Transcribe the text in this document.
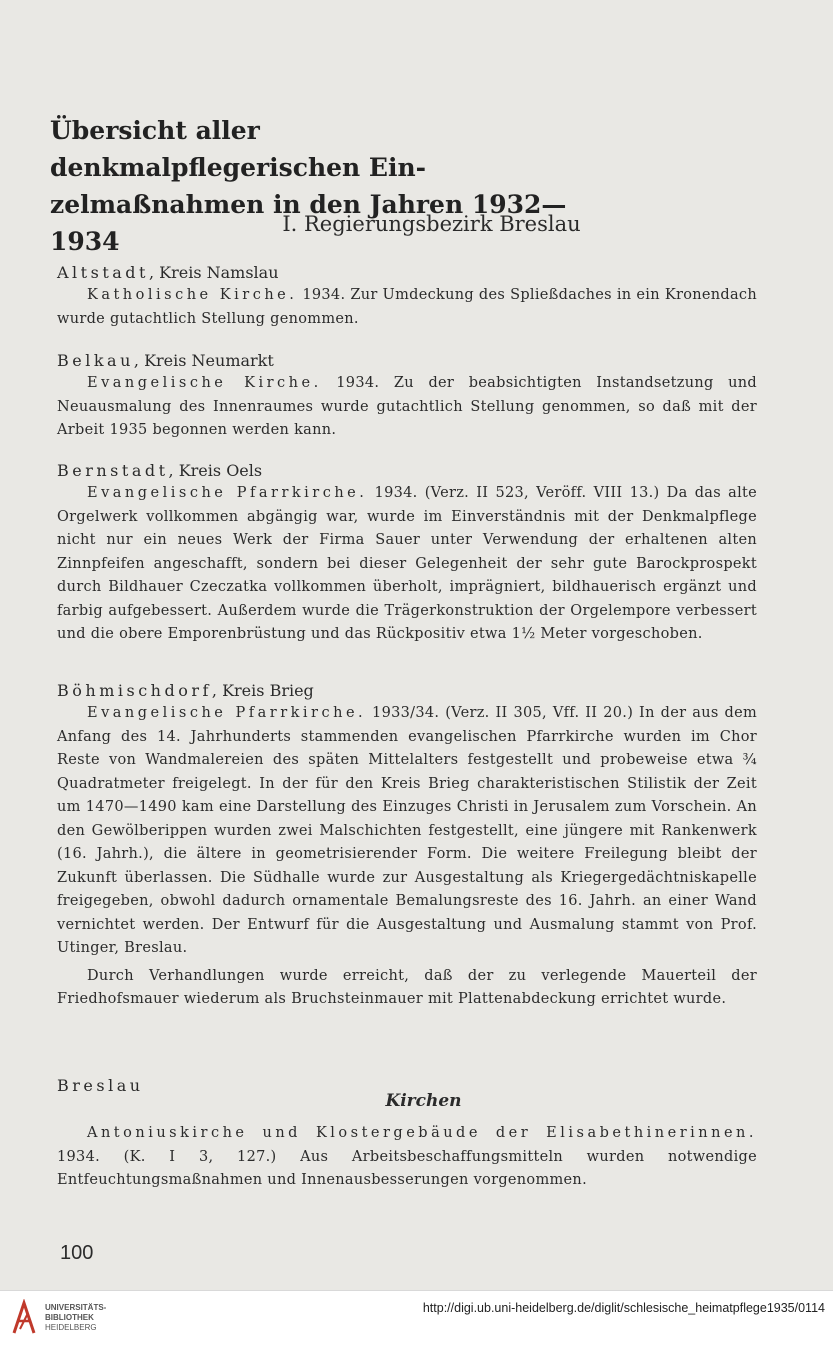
Übersicht aller denkmalpflegerischen Ein-zelmaßnahmen in den Jahren 1932—1934
I. Regierungsbezirk Breslau

Altstadt, Kreis Namslau

Katholische Kirche. 1934. Zur Umdeckung des Spließdaches in ein Kronendach wurde gutachtlich Stellung genommen.

Belkau, Kreis Neumarkt

Evangelische Kirche. 1934. Zu der beabsichtigten Instandsetzung und Neuausmalung des Innenraumes wurde gutachtlich Stellung genommen, so daß mit der Arbeit 1935 begonnen werden kann.

Bernstadt, Kreis Oels

Evangelische Pfarrkirche. 1934. (Verz. II 523, Veröff. VIII 13.) Da das alte Orgelwerk vollkommen abgängig war, wurde im Einverständnis mit der Denkmalpflege nicht nur ein neues Werk der Firma Sauer unter Verwendung der erhaltenen alten Zinnpfeifen angeschafft, sondern bei dieser Gelegenheit der sehr gute Barockprospekt durch Bildhauer Czeczatka vollkommen überholt, imprägniert, bildhauerisch ergänzt und farbig aufgebessert. Außerdem wurde die Trägerkonstruktion der Orgelempore verbessert und die obere Emporenbrüstung und das Rückpositiv etwa 1½ Meter vorgeschoben.

Böhmischdorf, Kreis Brieg

Evangelische Pfarrkirche. 1933/34. (Verz. II 305, Vff. II 20.) In der aus dem Anfang des 14. Jahrhunderts stammenden evangelischen Pfarrkirche wurden im Chor Reste von Wandmalereien des späten Mittelalters festgestellt und probeweise etwa ¾ Quadratmeter freigelegt. In der für den Kreis Brieg charakteristischen Stilistik der Zeit um 1470—1490 kam eine Darstellung des Einzuges Christi in Jerusalem zum Vorschein. An den Gewölberippen wurden zwei Malschichten festgestellt, eine jüngere mit Rankenwerk (16. Jahrh.), die ältere in geometrisierender Form. Die weitere Freilegung bleibt der Zukunft überlassen. Die Südhalle wurde zur Ausgestaltung als Kriegergedächtniskapelle freigegeben, obwohl dadurch ornamentale Bemalungsreste des 16. Jahrh. an einer Wand vernichtet werden. Der Entwurf für die Ausgestaltung und Ausmalung stammt von Prof. Utinger, Breslau.

Durch Verhandlungen wurde erreicht, daß der zu verlegende Mauerteil der Friedhofsmauer wiederum als Bruchsteinmauer mit Plattenabdeckung errichtet wurde.

Breslau

Kirchen

Antoniuskirche und Klostergebäude der Elisabethinerinnen. 1934. (K. I 3, 127.) Aus Arbeitsbeschaffungsmitteln wurden notwendige Entfeuchtungsmaßnahmen und Innenausbesserungen vorgenommen.

100

UNIVERSITÄTS-
BIBLIOTHEK
HEIDELBERG
http://digi.ub.uni-heidelberg.de/diglit/schlesische_heimatpflege1935/0114
